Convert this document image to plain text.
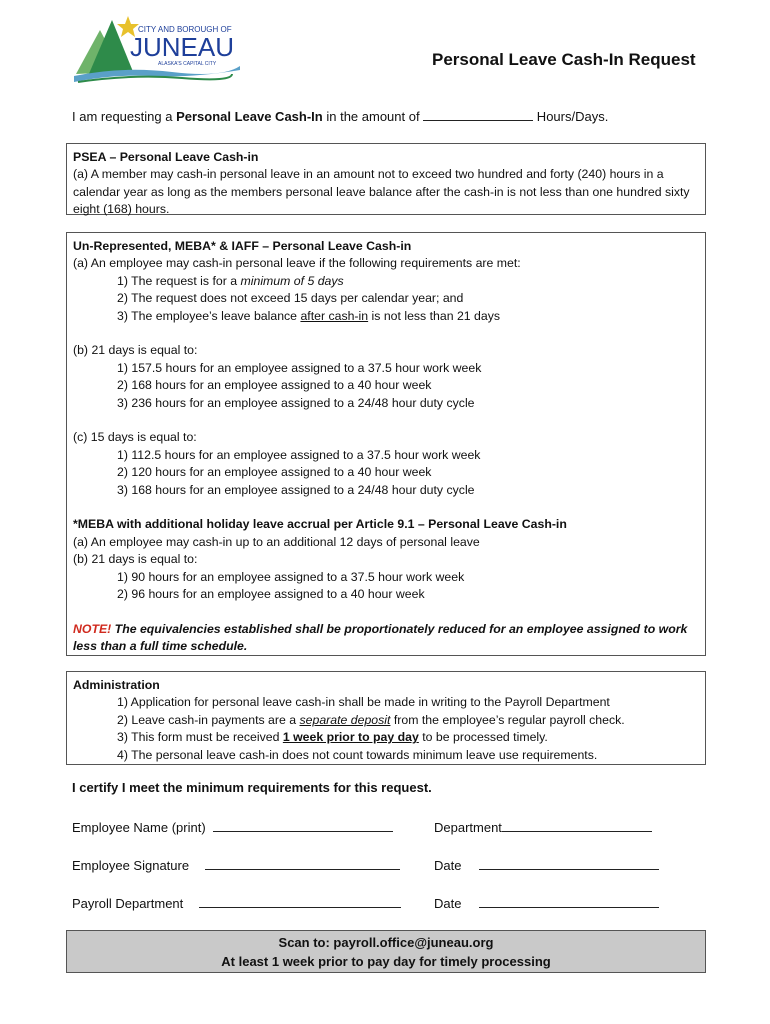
CITY AND BOROUGH OF
JUNEAU
ALASKA'S CAPITAL CITY	Personal Leave Cash-In Request
I am requesting a Personal Leave Cash-In in the amount of	Hours/Days.
PSEA – Personal Leave Cash-in
(a) A member may cash-in personal leave in an amount not to exceed two hundred and forty (240) hours in a calendar year as long as the members personal leave balance after the cash-in is not less than one hundred sixty eight (168) hours.
Un-Represented, MEBA* & IAFF – Personal Leave Cash-in
(a) An employee may cash-in personal leave if the following requirements are met:
1) The request is for a minimum of 5 days
2) The request does not exceed 15 days per calendar year; and
3) The employee’s leave balance after cash-in is not less than 21 days
(b) 21 days is equal to:
1) 157.5 hours for an employee assigned to a 37.5 hour work week
2) 168 hours for an employee assigned to a 40 hour week
3) 236 hours for an employee assigned to a 24/48 hour duty cycle
(c) 15 days is equal to:
1) 112.5 hours for an employee assigned to a 37.5 hour work week
2) 120 hours for an employee assigned to a 40 hour week
3) 168 hours for an employee assigned to a 24/48 hour duty cycle
*MEBA with additional holiday leave accrual per Article 9.1 – Personal Leave Cash-in
(a) An employee may cash-in up to an additional 12 days of personal leave
(b) 21 days is equal to:
1) 90 hours for an employee assigned to a 37.5 hour work week
2) 96 hours for an employee assigned to a 40 hour week
NOTE! The equivalencies established shall be proportionately reduced for an employee assigned to work less than a full time schedule.
Administration
1) Application for personal leave cash-in shall be made in writing to the Payroll Department
2) Leave cash-in payments are a separate deposit from the employee’s regular payroll check.
3) This form must be received 1 week prior to pay day to be processed timely.
4) The personal leave cash-in does not count towards minimum leave use requirements.
I certify I meet the minimum requirements for this request.
Employee Name (print)	Department
Employee Signature	Date
Payroll Department	Date
Scan to: payroll.office@juneau.org
At least 1 week prior to pay day for timely processing
